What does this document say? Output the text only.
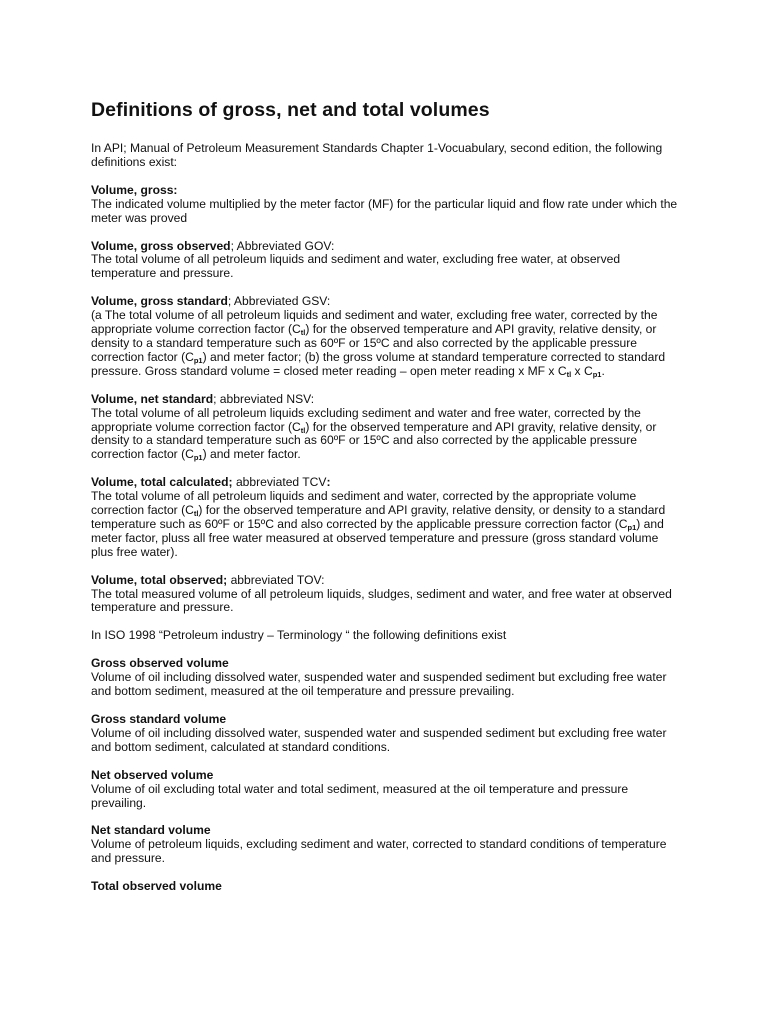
Definitions of gross, net and total volumes
In API; Manual of Petroleum Measurement Standards Chapter 1-Vocuabulary, second edition, the following definitions exist:
Volume, gross:
The indicated volume multiplied by the meter factor (MF) for the particular liquid and flow rate under which the meter was proved
Volume, gross observed; Abbreviated GOV:
The total volume of all petroleum liquids and sediment and water, excluding free water, at observed temperature and pressure.
Volume, gross standard; Abbreviated GSV:
(a The total volume of all petroleum liquids and sediment and water, excluding free water, corrected by the appropriate volume correction factor $(C_{tl})$ for the observed temperature and API gravity, relative density, or density to a standard temperature such as 60ºF or 15ºC and also corrected by the applicable pressure correction factor $(C_{p1})$ and meter factor; (b) the gross volume at standard temperature corrected to standard pressure. Gross standard volume = closed meter reading – open meter reading x MF x $C_{tl}$ x $C_{p1}$.
Volume, net standard; abbreviated NSV:
The total volume of all petroleum liquids excluding sediment and water and free water, corrected by the appropriate volume correction factor $(C_{tl})$ for the observed temperature and API gravity, relative density, or density to a standard temperature such as 60ºF or 15ºC and also corrected by the applicable pressure correction factor $(C_{p1})$ and meter factor.
Volume, total calculated; abbreviated TCV:
The total volume of all petroleum liquids and sediment and water, corrected by the appropriate volume correction factor $(C_{tl})$ for the observed temperature and API gravity, relative density, or density to a standard temperature such as 60ºF or 15ºC and also corrected by the applicable pressure correction factor $(C_{p1})$ and meter factor, pluss all free water measured at observed temperature and pressure (gross standard volume plus free water).
Volume, total observed; abbreviated TOV:
The total measured volume of all petroleum liquids, sludges, sediment and water, and free water at observed temperature and pressure.
In ISO 1998 “Petroleum industry – Terminology “ the following definitions exist
Gross observed volume
Volume of oil including dissolved water, suspended water and suspended sediment but excluding free water and bottom sediment, measured at the oil temperature and pressure prevailing.
Gross standard volume
Volume of oil including dissolved water, suspended water and suspended sediment but excluding free water and bottom sediment, calculated at standard conditions.
Net observed volume
Volume of oil excluding total water and total sediment, measured at the oil temperature and pressure prevailing.
Net standard volume
Volume of petroleum liquids, excluding sediment and water, corrected to standard conditions of temperature and pressure.
Total observed volume
